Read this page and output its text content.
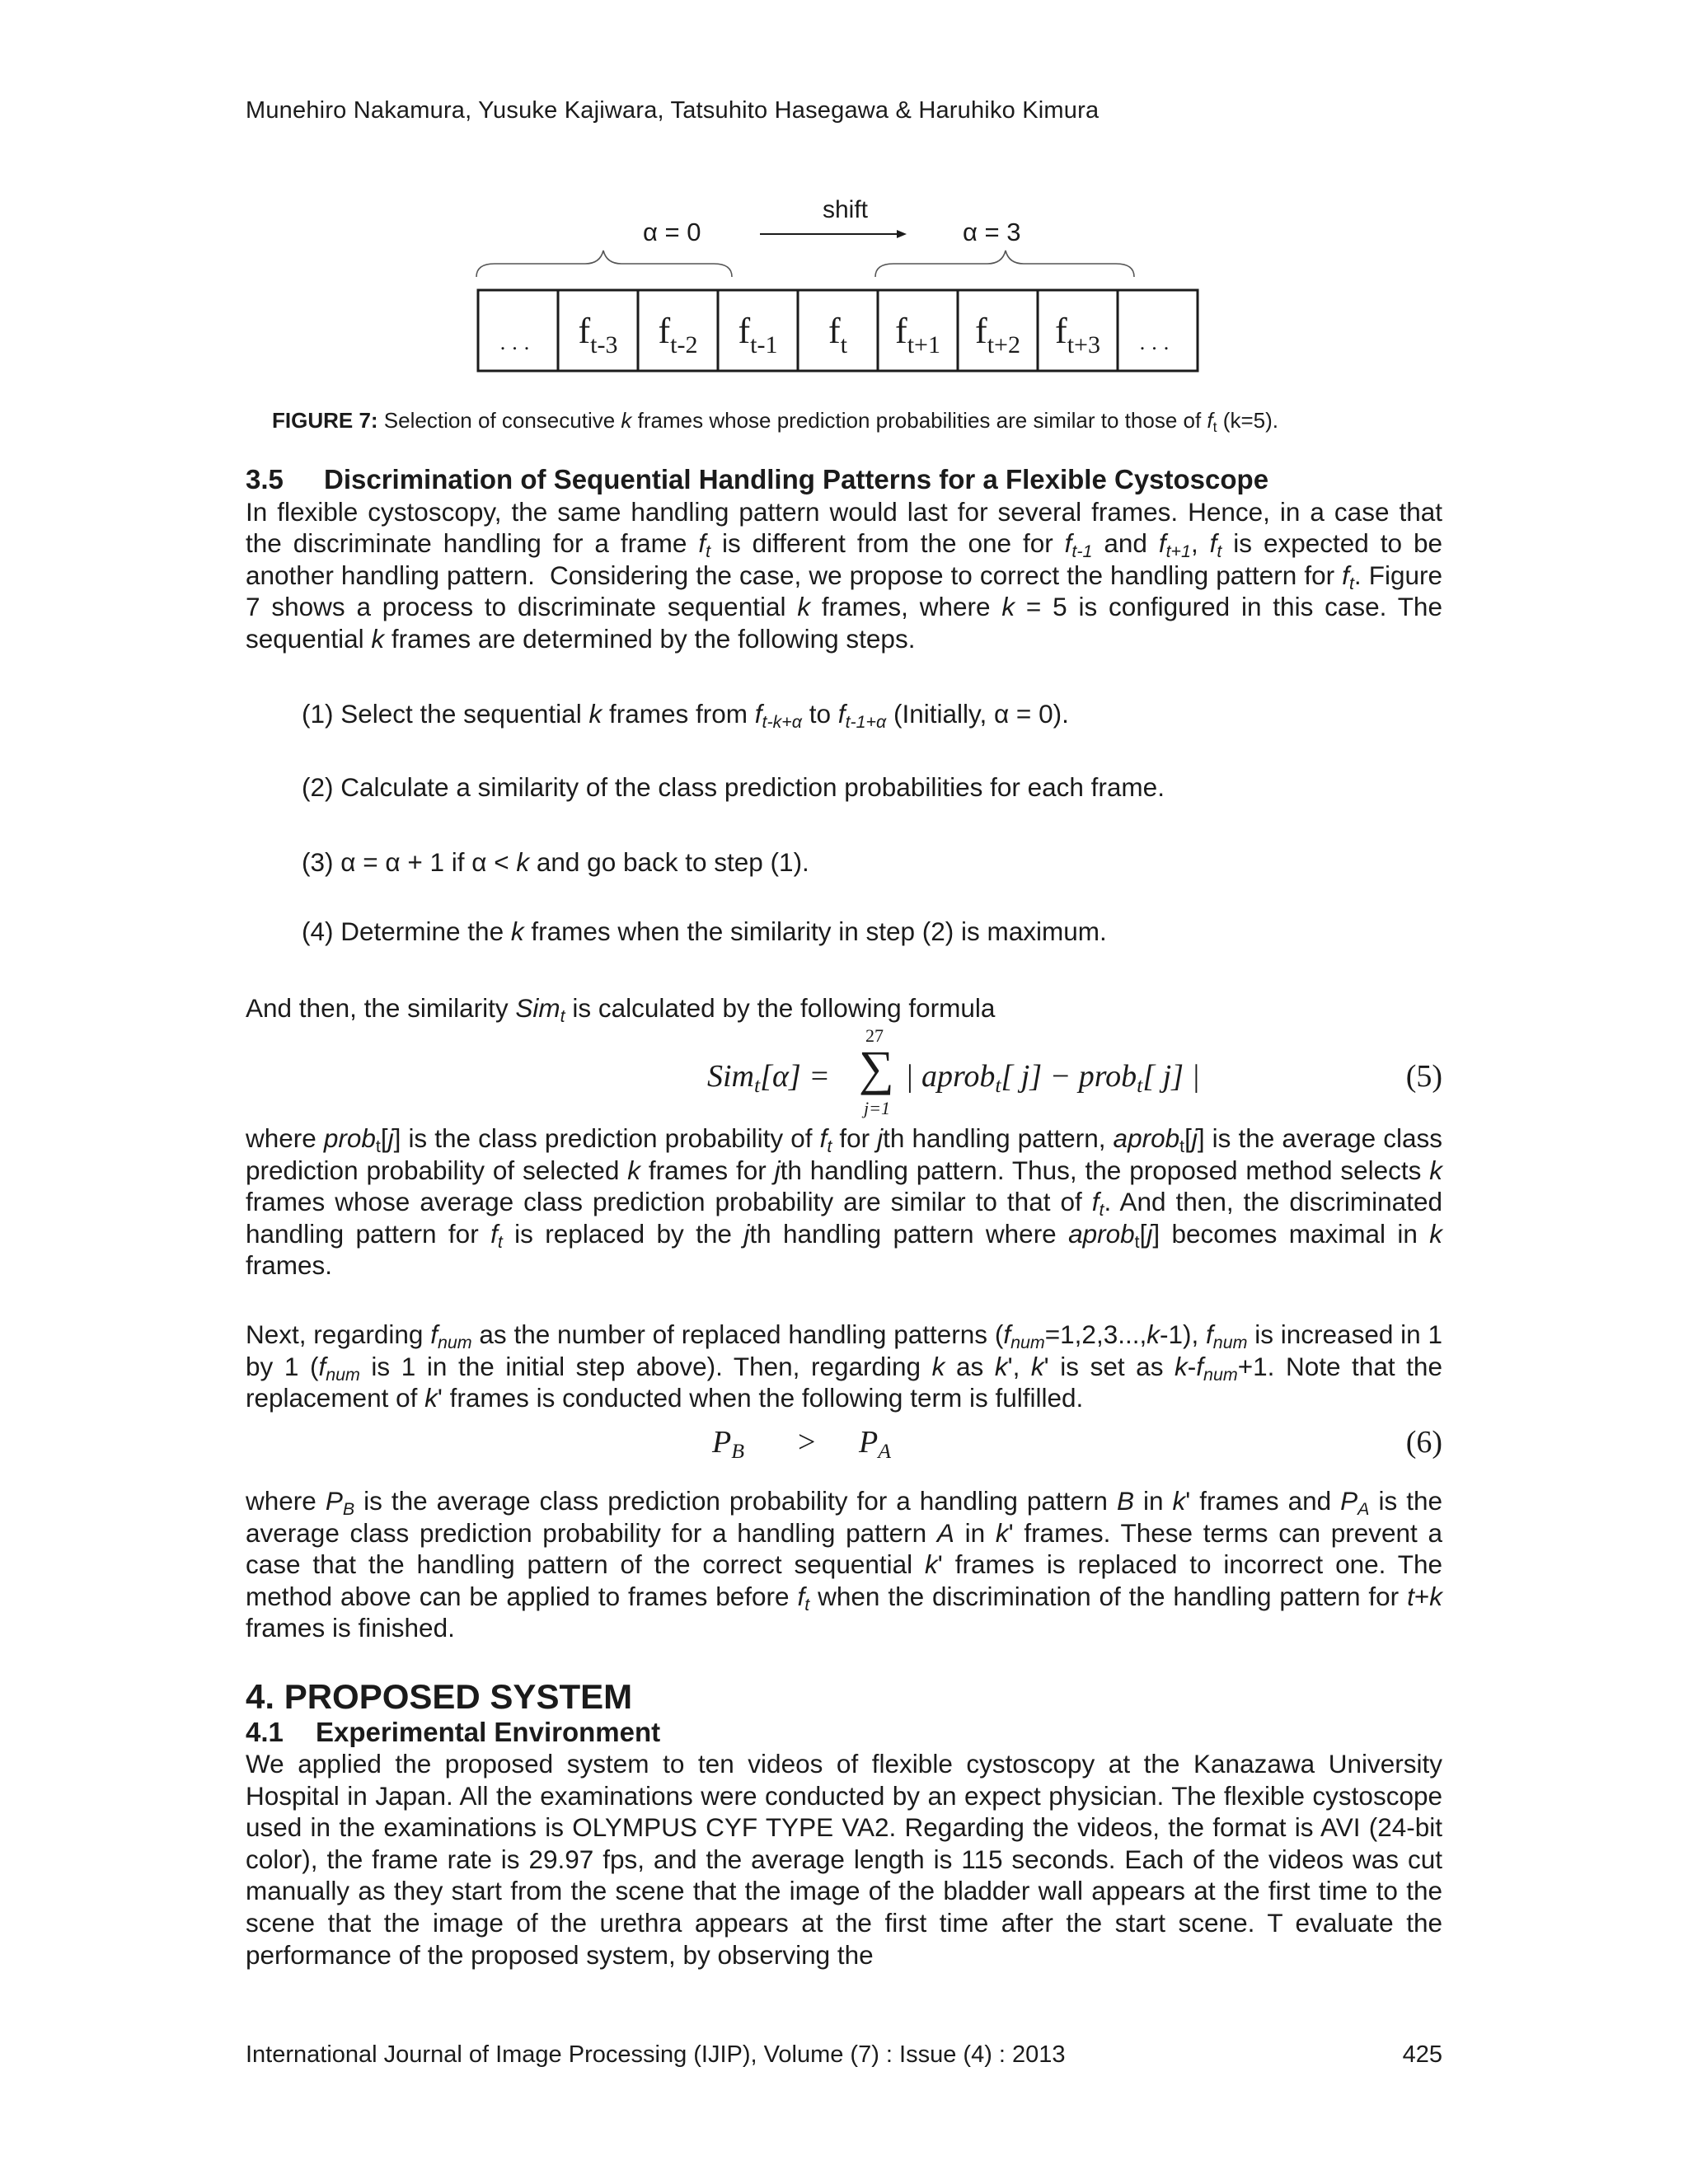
Munehiro Nakamura, Yusuke Kajiwara, Tatsuhito Hasegawa & Haruhiko Kimura
shift
α = 0	α = 3
... $f_{t-3}$ $f_{t-2}$ $f_{t-1}$ $f_t$ $f_{t+1}$ $f_{t+2}$ $f_{t+3}$ ...
FIGURE 7: Selection of consecutive k frames whose prediction probabilities are similar to those of $f_t$ (k=5).

3.5 Discrimination of Sequential Handling Patterns for a Flexible Cystoscope

In flexible cystoscopy, the same handling pattern would last for several frames. Hence, in a case that the discriminate handling for a frame $f_t$ is different from the one for $f_{t-1}$ and $f_{t+1}$, $f_t$ is expected to be another handling pattern.  Considering the case, we propose to correct the handling pattern for $f_t$. Figure 7 shows a process to discriminate sequential k frames, where k = 5 is configured in this case. The sequential k frames are determined by the following steps.

(1) Select the sequential k frames from $f_{t-k+\alpha}$ to $f_{t-1+\alpha}$ (Initially, α = 0).
(2) Calculate a similarity of the class prediction probabilities for each frame.
(3) α = α + 1 if α < k and go back to step (1).
(4) Determine the k frames when the similarity in step (2) is maximum.
And then, the similarity Sim$_t$ is calculated by the following formula
Sim$_t$[α] =
27
∑
j=1
| aprob$_t$[ j] − prob$_t$[ j] |	(5)

where prob$_t$[j] is the class prediction probability of $f_t$ for jth handling pattern, aprob$_t$[j] is the average class prediction probability of selected k frames for jth handling pattern. Thus, the proposed method selects k frames whose average class prediction probability are similar to that of $f_t$. And then, the discriminated handling pattern for $f_t$ is replaced by the jth handling pattern where aprob$_t$[j] becomes maximal in k frames.

Next, regarding $f_{num}$ as the number of replaced handling patterns $(f_{num}=1,2,3...,k-1)$, $f_{num}$ is increased in 1 by 1 ($f_{num}$ is 1 in the initial step above). Then, regarding k as k', k' is set as $k-f_{num}+1$. Note that the replacement of k' frames is conducted when the following term is fulfilled.

$P_B > P_A$	(6)

where $P_B$ is the average class prediction probability for a handling pattern B in k' frames and $P_A$ is the average class prediction probability for a handling pattern A in k' frames. These terms can prevent a case that the handling pattern of the correct sequential k' frames is replaced to incorrect one. The method above can be applied to frames before $f_t$ when the discrimination of the handling pattern for t+k frames is finished.

4. PROPOSED SYSTEM
4.1 Experimental Environment

We applied the proposed system to ten videos of flexible cystoscopy at the Kanazawa University Hospital in Japan. All the examinations were conducted by an expect physician. The flexible cystoscope used in the examinations is OLYMPUS CYF TYPE VA2. Regarding the videos, the format is AVI (24-bit color), the frame rate is 29.97 fps, and the average length is 115 seconds. Each of the videos was cut manually as they start from the scene that the image of the bladder wall appears at the first time to the scene that the image of the urethra appears at the first time after the start scene. T evaluate the performance of the proposed system, by observing the

International Journal of Image Processing (IJIP), Volume (7) : Issue (4) : 2013	425
